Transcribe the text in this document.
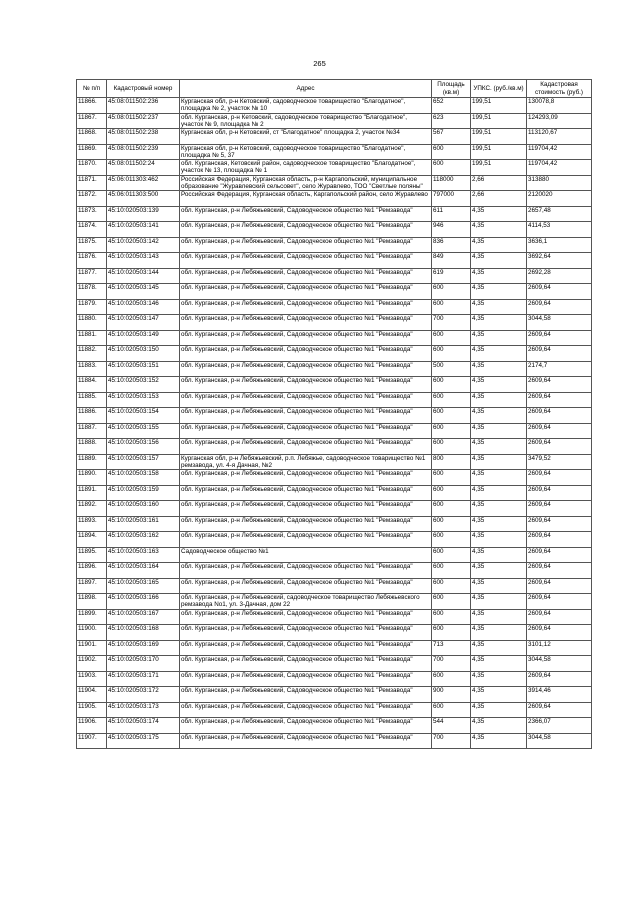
265
№ п/п	Кадастровый номер	Адрес	Площадь (кв.м)	УПКС. (руб./кв.м)	Кадастровая стоимость (руб.)
11866.	45:08:011502:236	Курганская обл, р-н Кетовский, садоводческое товарищество "Благодатное", площадка № 2, участок № 10	652	199,51	130078,8
11867.	45:08:011502:237	обл. Курганская, р-н Кетовский, садоводческое товарищество "Благодатное", участок № 9, площадка № 2	623	199,51	124293,09
11868.	45:08:011502:238	Курганская обл, р-н Кетовский, ст "Благодатное" площадка 2, участок №34	567	199,51	113120,67
11869.	45:08:011502:239	Курганская обл, р-н Кетовский, садоводческое товарищество "Благодатное", площадка № 5, 37	600	199,51	119704,42
11870.	45:08:011502:24	обл. Курганская, Кетовский район, садоводческое товарищество "Благодатное", участок № 13, площадка № 1	600	199,51	119704,42
11871.	45:06:011303:462	Российская Федерация, Курганская область, р-н Каргапольский, муниципальное образование "Журавлевский сельсовет", село Журавлево, ТОО "Светлые поляны"	118000	2,66	313880
11872.	45:06:011303:500	Российская Федерация, Курганская область, Каргапольский район, село Журавлево	797000	2,66	2120020
11873.	45:10:020503:139	обл. Курганская, р-н Лебяжьевский, Садоводческое общество №1 "Ремзавода"	611	4,35	2657,48
11874.	45:10:020503:141	обл. Курганская, р-н Лебяжьевский, Садоводческое общество №1 "Ремзавода"	946	4,35	4114,53
11875.	45:10:020503:142	обл. Курганская, р-н Лебяжьевский, Садоводческое общество №1 "Ремзавода"	836	4,35	3636,1
11876.	45:10:020503:143	обл. Курганская, р-н Лебяжьевский, Садоводческое общество №1 "Ремзавода"	849	4,35	3692,64
11877.	45:10:020503:144	обл. Курганская, р-н Лебяжьевский, Садоводческое общество №1 "Ремзавода"	619	4,35	2692,28
11878.	45:10:020503:145	обл. Курганская, р-н Лебяжьевский, Садоводческое общество №1 "Ремзавода"	600	4,35	2609,64
11879.	45:10:020503:146	обл. Курганская, р-н Лебяжьевский, Садоводческое общество №1 "Ремзавода"	600	4,35	2609,64
11880.	45:10:020503:147	обл. Курганская, р-н Лебяжьевский, Садоводческое общество №1 "Ремзавода"	700	4,35	3044,58
11881.	45:10:020503:149	обл. Курганская, р-н Лебяжьевский, Садоводческое общество №1 "Ремзавода"	600	4,35	2609,64
11882.	45:10:020503:150	обл. Курганская, р-н Лебяжьевский, Садоводческое общество №1 "Ремзавода"	600	4,35	2609,64
11883.	45:10:020503:151	обл. Курганская, р-н Лебяжьевский, Садоводческое общество №1 "Ремзавода"	500	4,35	2174,7
11884.	45:10:020503:152	обл. Курганская, р-н Лебяжьевский, Садоводческое общество №1 "Ремзавода"	600	4,35	2609,64
11885.	45:10:020503:153	обл. Курганская, р-н Лебяжьевский, Садоводческое общество №1 "Ремзавода"	600	4,35	2609,64
11886.	45:10:020503:154	обл. Курганская, р-н Лебяжьевский, Садоводческое общество №1 "Ремзавода"	600	4,35	2609,64
11887.	45:10:020503:155	обл. Курганская, р-н Лебяжьевский, Садоводческое общество №1 "Ремзавода"	600	4,35	2609,64
11888.	45:10:020503:156	обл. Курганская, р-н Лебяжьевский, Садоводческое общество №1 "Ремзавода"	600	4,35	2609,64
11889.	45:10:020503:157	Курганская обл, р-н Лебяжьевский, р.п. Лебяжье, садоводческое товарищество №1 ремзавода, ул. 4-я Дачная, №2	800	4,35	3479,52
11890.	45:10:020503:158	обл. Курганская, р-н Лебяжьевский, Садоводческое общество №1 "Ремзавода"	600	4,35	2609,64
11891.	45:10:020503:159	обл. Курганская, р-н Лебяжьевский, Садоводческое общество №1 "Ремзавода"	600	4,35	2609,64
11892.	45:10:020503:160	обл. Курганская, р-н Лебяжьевский, Садоводческое общество №1 "Ремзавода"	600	4,35	2609,64
11893.	45:10:020503:161	обл. Курганская, р-н Лебяжьевский, Садоводческое общество №1 "Ремзавода"	600	4,35	2609,64
11894.	45:10:020503:162	обл. Курганская, р-н Лебяжьевский, Садоводческое общество №1 "Ремзавода"	600	4,35	2609,64
11895.	45:10:020503:163	Садоводческое общество №1	600	4,35	2609,64
11896.	45:10:020503:164	обл. Курганская, р-н Лебяжьевский, Садоводческое общество №1 "Ремзавода"	600	4,35	2609,64
11897.	45:10:020503:165	обл. Курганская, р-н Лебяжьевский, Садоводческое общество №1 "Ремзавода"	600	4,35	2609,64
11898.	45:10:020503:166	обл. Курганская, р-н Лебяжьевский, садоводческое товарищество Лебяжьевского ремзавода No1, ул. 3-Дачная, дом 22	600	4,35	2609,64
11899.	45:10:020503:167	обл. Курганская, р-н Лебяжьевский, Садоводческое общество №1 "Ремзавода"	600	4,35	2609,64
11900.	45:10:020503:168	обл. Курганская, р-н Лебяжьевский, Садоводческое общество №1 "Ремзавода"	600	4,35	2609,64
11901.	45:10:020503:169	обл. Курганская, р-н Лебяжьевский, Садоводческое общество №1 "Ремзавода"	713	4,35	3101,12
11902.	45:10:020503:170	обл. Курганская, р-н Лебяжьевский, Садоводческое общество №1 "Ремзавода"	700	4,35	3044,58
11903.	45:10:020503:171	обл. Курганская, р-н Лебяжьевский, Садоводческое общество №1 "Ремзавода"	600	4,35	2609,64
11904.	45:10:020503:172	обл. Курганская, р-н Лебяжьевский, Садоводческое общество №1 "Ремзавода"	900	4,35	3914,46
11905.	45:10:020503:173	обл. Курганская, р-н Лебяжьевский, Садоводческое общество №1 "Ремзавода"	600	4,35	2609,64
11906.	45:10:020503:174	обл. Курганская, р-н Лебяжьевский, Садоводческое общество №1 "Ремзавода"	544	4,35	2366,07
11907.	45:10:020503:175	обл. Курганская, р-н Лебяжьевский, Садоводческое общество №1 "Ремзавода"	700	4,35	3044,58
